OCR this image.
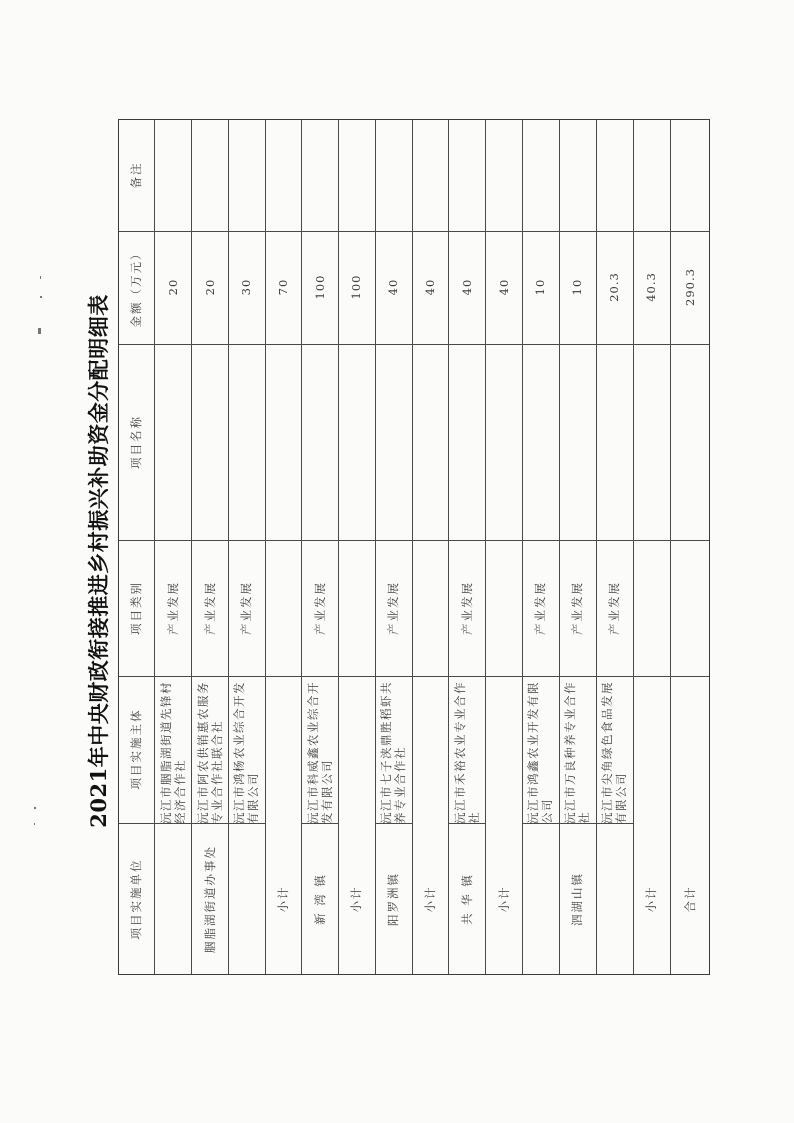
2021年中央财政衔接推进乡村振兴补助资金分配明细表
备注
金额（万元）
项目名称
项目类别
项目实施主体
项目实施单位
20
产业发展
沅江市胭脂湖街道先锋村经济合作社
20
产业发展
沅江市阿农供销惠农服务专业合作社联合社
30
产业发展
沅江市鸿杨农业综合开发有限公司
胭脂湖街道办事处
70
小计
100
产业发展
沅江市科威鑫农业综合开发有限公司
新 湾 镇
100
小计
40
产业发展
沅江市七子浃鼎胜稻虾共养专业合作社
阳罗洲镇
40
小计
40
产业发展
沅江市禾裕农业专业合作社
共 华 镇
40
小计
10
产业发展
沅江市鸿鑫农业开发有限公司
10
产业发展
沅江市万良种养专业合作社
20.3
产业发展
沅江市尖角绿色食品发展有限公司
泗湖山镇
40.3
小计
290.3
合计
